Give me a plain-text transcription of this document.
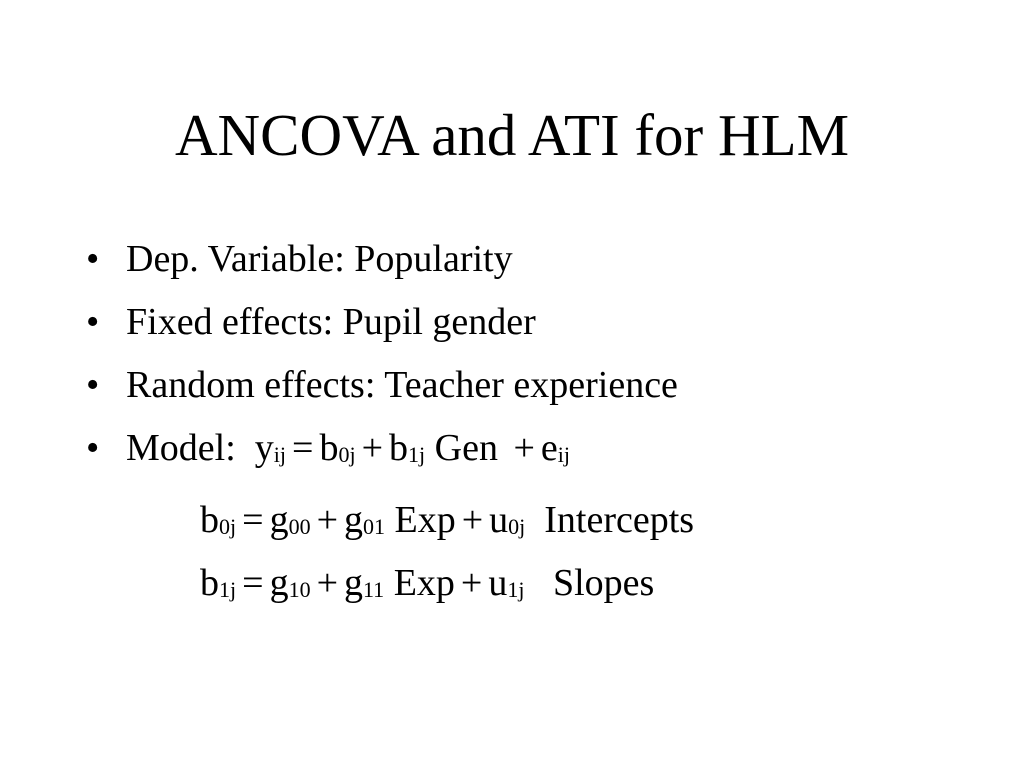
ANCOVA and ATI for HLM
• Dep. Variable: Popularity
• Fixed effects: Pupil gender
• Random effects: Teacher experience
• Model: yij = b0j + b1j Gen + eij
b0j = g00 + g01 Exp + u0j Intercepts
b1j = g10 + g11 Exp + u1j Slopes
